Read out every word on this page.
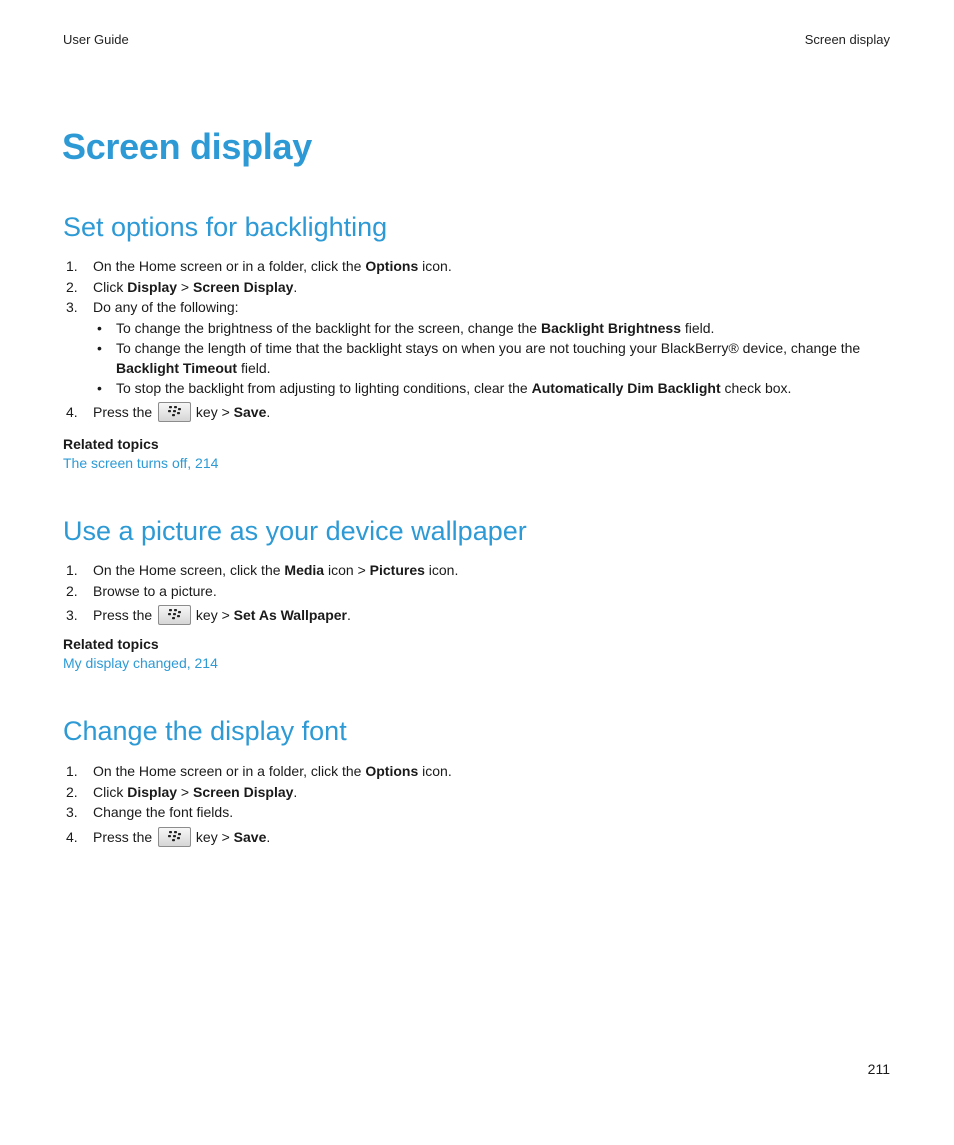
User Guide	Screen display
Screen display
Set options for backlighting
1. On the Home screen or in a folder, click the Options icon.
2. Click Display > Screen Display.
3. Do any of the following:
• To change the brightness of the backlight for the screen, change the Backlight Brightness field.
• To change the length of time that the backlight stays on when you are not touching your BlackBerry® device, change the Backlight Timeout field.
• To stop the backlight from adjusting to lighting conditions, clear the Automatically Dim Backlight check box.
4. Press the	key > Save.
Related topics
The screen turns off, 214
Use a picture as your device wallpaper
1. On the Home screen, click the Media icon > Pictures icon.
2. Browse to a picture.
3. Press the	key > Set As Wallpaper.
Related topics
My display changed, 214
Change the display font
1. On the Home screen or in a folder, click the Options icon.
2. Click Display > Screen Display.
3. Change the font fields.
4. Press the	key > Save.
211
